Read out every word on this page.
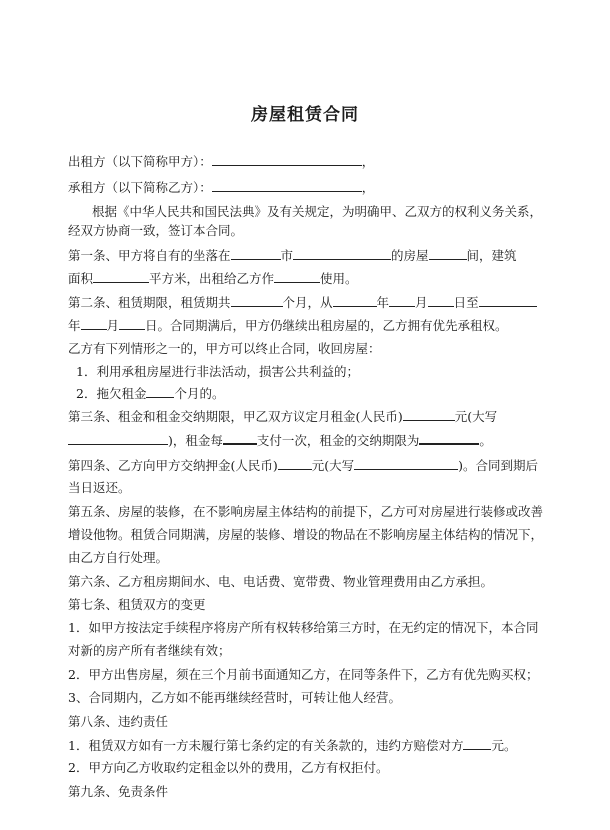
房屋租赁合同
出租方（以下简称甲方）：	，
承租方（以下简称乙方）：	，
根据《中华人民共和国民法典》及有关规定，为明确甲、乙双方的权利义务关系，
经双方协商一致，签订本合同。
第一条、甲方将自有的坐落在	市	的房屋	间，建筑
面积	平方米，出租给乙方作	使用。
第二条、租赁期限，租赁期共	个月，从	年 月 日至
年 月 日。合同期满后，甲方仍继续出租房屋的，乙方拥有优先承租权。
乙方有下列情形之一的，甲方可以终止合同，收回房屋：
1．利用承租房屋进行非法活动，损害公共利益的；
2．拖欠租金 个月的。
第三条、租金和租金交纳期限，甲乙双方议定月租金(人民币)	元(大写
)，租金每	支付一次，租金的交纳期限为	。
第四条、乙方向甲方交纳押金(人民币)	元(大写	)。合同到期后
当日返还。
第五条、房屋的装修，在不影响房屋主体结构的前提下，乙方可对房屋进行装修或改善
增设他物。租赁合同期满，房屋的装修、增设的物品在不影响房屋主体结构的情况下，
由乙方自行处理。
第六条、乙方租房期间水、电、电话费、宽带费、物业管理费用由乙方承担。
第七条、租赁双方的变更
1．如甲方按法定手续程序将房产所有权转移给第三方时，在无约定的情况下，本合同
对新的房产所有者继续有效；
2．甲方出售房屋，须在三个月前书面通知乙方，在同等条件下，乙方有优先购买权；
3、合同期内，乙方如不能再继续经营时，可转让他人经营。
第八条、违约责任
1．租赁双方如有一方未履行第七条约定的有关条款的，违约方赔偿对方 元。
2．甲方向乙方收取约定租金以外的费用，乙方有权拒付。
第九条、免责条件
